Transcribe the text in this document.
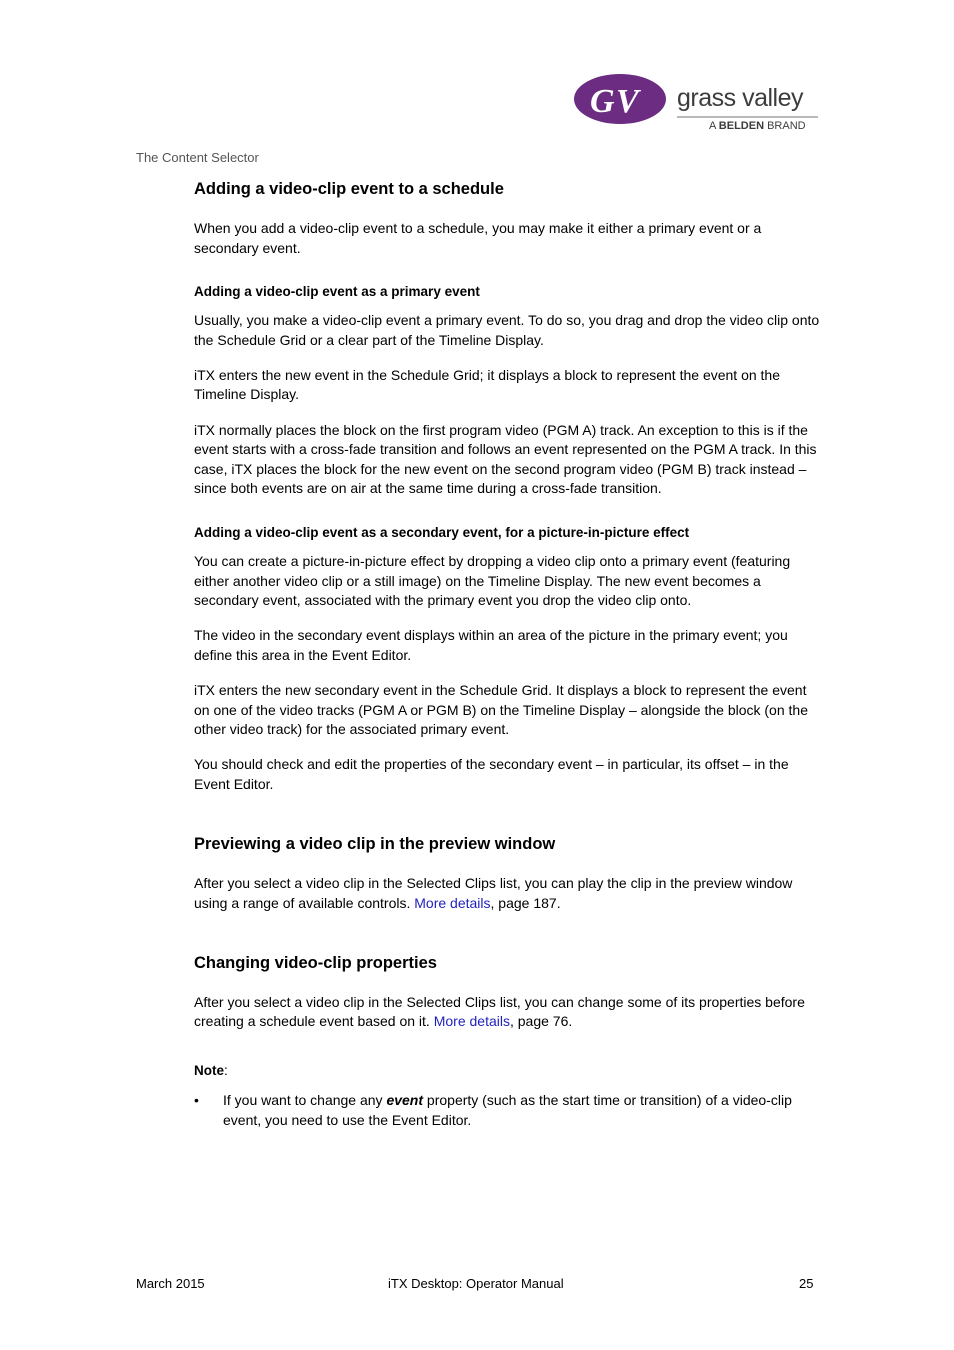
G V grass valley
A BELDEN BRAND
The Content Selector
Adding a video-clip event to a schedule

When you add a video-clip event to a schedule, you may make it either a primary event or a secondary event.

Adding a video-clip event as a primary event

Usually, you make a video-clip event a primary event. To do so, you drag and drop the video clip onto the Schedule Grid or a clear part of the Timeline Display.

iTX enters the new event in the Schedule Grid; it displays a block to represent the event on the Timeline Display.

iTX normally places the block on the first program video (PGM A) track. An exception to this is if the event starts with a cross-fade transition and follows an event represented on the PGM A track. In this case, iTX places the block for the new event on the second program video (PGM B) track instead – since both events are on air at the same time during a cross-fade transition.

Adding a video-clip event as a secondary event, for a picture-in-picture effect

You can create a picture-in-picture effect by dropping a video clip onto a primary event (featuring either another video clip or a still image) on the Timeline Display. The new event becomes a secondary event, associated with the primary event you drop the video clip onto.

The video in the secondary event displays within an area of the picture in the primary event; you define this area in the Event Editor.

iTX enters the new secondary event in the Schedule Grid. It displays a block to represent the event on one of the video tracks (PGM A or PGM B) on the Timeline Display – alongside the block (on the other video track) for the associated primary event.

You should check and edit the properties of the secondary event – in particular, its offset – in the Event Editor.

Previewing a video clip in the preview window

After you select a video clip in the Selected Clips list, you can play the clip in the preview window using a range of available controls. More details, page 187.

Changing video-clip properties

After you select a video clip in the Selected Clips list, you can change some of its properties before creating a schedule event based on it. More details, page 76.

Note:

• If you want to change any event property (such as the start time or transition) of a video-clip event, you need to use the Event Editor.
March 2015	iTX Desktop: Operator Manual	25
